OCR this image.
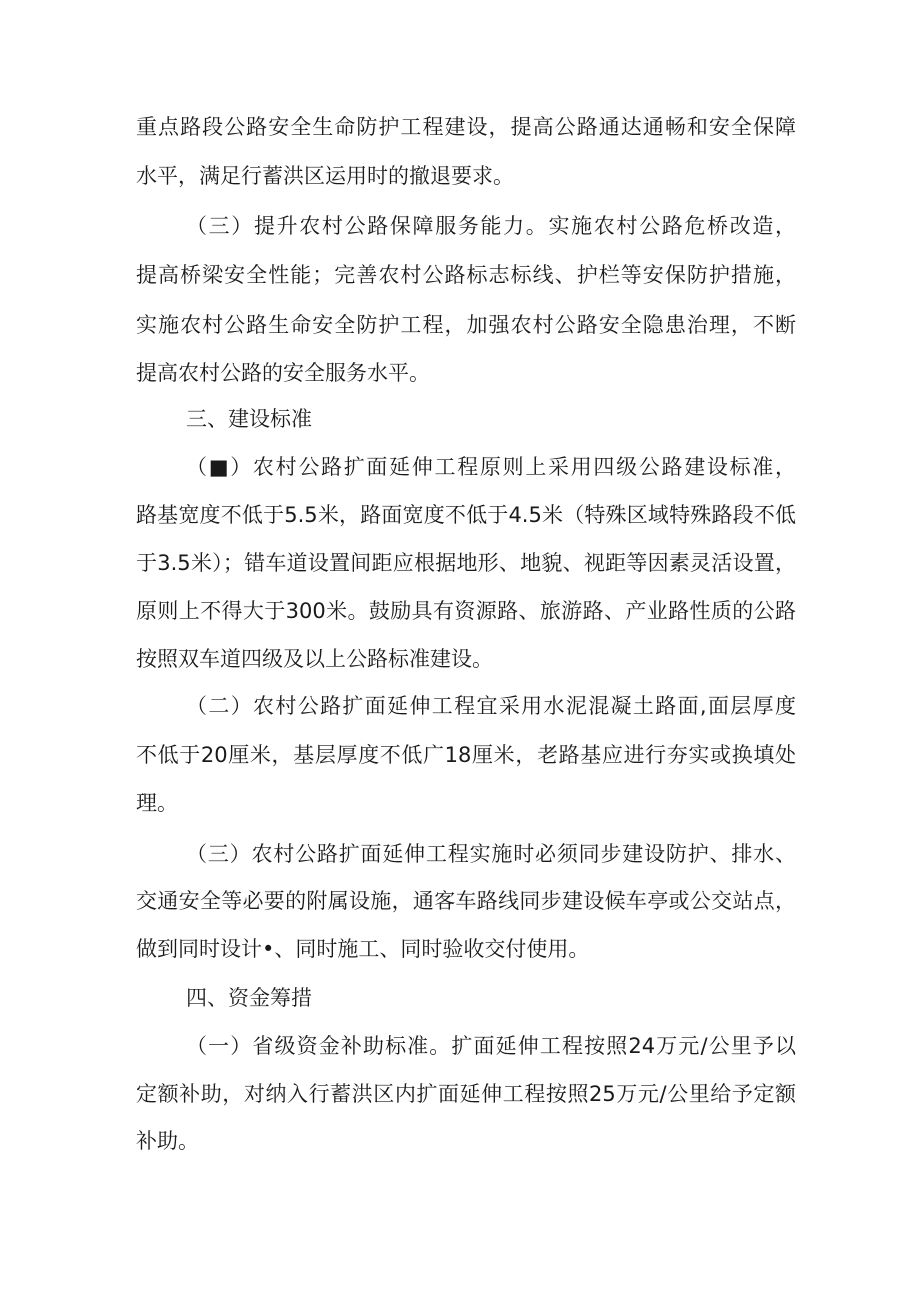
重点路段公路安全生命防护工程建设，提高公路通达通畅和安全保障

水平，满足行蓄洪区运用时的撤退要求。

（三）提升农村公路保障服务能力。实施农村公路危桥改造，

提高桥梁安全性能；完善农村公路标志标线、护栏等安保防护措施，

实施农村公路生命安全防护工程，加强农村公路安全隐患治理，不断

提高农村公路的安全服务水平。

三、建设标准

（■）农村公路扩面延伸工程原则上采用四级公路建设标准，

路基宽度不低于5.5米，路面宽度不低于4.5米（特殊区域特殊路段不低

于3.5米）；错车道设置间距应根据地形、地貌、视距等因素灵活设置，

原则上不得大于300米。鼓励具有资源路、旅游路、产业路性质的公路

按照双车道四级及以上公路标准建设。

（二）农村公路扩面延伸工程宜采用水泥混凝土路面,面层厚度

不低于20厘米，基层厚度不低广18厘米，老路基应进行夯实或换填处

理。

（三）农村公路扩面延伸工程实施时必须同步建设防护、排水、

交通安全等必要的附属设施，通客车路线同步建设候车亭或公交站点，

做到同时设计•、同时施工、同时验收交付使用。

四、资金筹措

（一）省级资金补助标准。扩面延伸工程按照24万元/公里予以

定额补助，对纳入行蓄洪区内扩面延伸工程按照25万元/公里给予定额

补助。
